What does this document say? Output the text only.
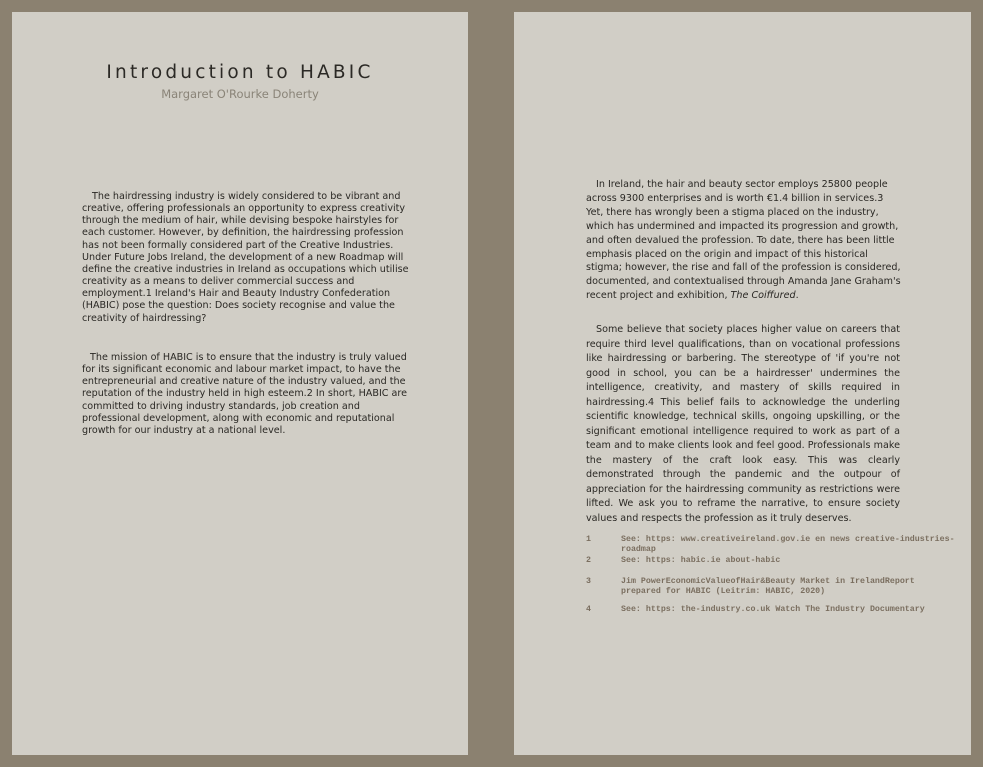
Introduction to HABIC
Margaret O'Rourke Doherty

The hairdressing industry is widely considered to be vibrant and creative, offering professionals an opportunity to express creativity through the medium of hair, while devising bespoke hairstyles for each customer. However, by definition, the hairdressing profession has not been formally considered part of the Creative Industries. Under Future Jobs Ireland, the development of a new Roadmap will define the creative industries in Ireland as occupations which utilise creativity as a means to deliver commercial success and employment.1 Ireland's Hair and Beauty Industry Confederation (HABIC) pose the question: Does society recognise and value the creativity of hairdressing?

The mission of HABIC is to ensure that the industry is truly valued for its significant economic and labour market impact, to have the entrepreneurial and creative nature of the industry valued, and the reputation of the industry held in high esteem.2 In short, HABIC are committed to driving industry standards, job creation and professional development, along with economic and reputational growth for our industry at a national level.

In Ireland, the hair and beauty sector employs 25800 people across 9300 enterprises and is worth €1.4 billion in services.3 Yet, there has wrongly been a stigma placed on the industry, which has undermined and impacted its progression and growth, and often devalued the profession. To date, there has been little emphasis placed on the origin and impact of this historical stigma; however, the rise and fall of the profession is considered, documented, and contextualised through Amanda Jane Graham's recent project and exhibition, The Coiffured.

Some believe that society places higher value on careers that require third level qualifications, than on vocational professions like hairdressing or barbering. The stereotype of 'if you're not good in school, you can be a hairdresser' undermines the intelligence, creativity, and mastery of skills required in hairdressing.4 This belief fails to acknowledge the underling scientific knowledge, technical skills, ongoing upskilling, or the significant emotional intelligence required to work as part of a team and to make clients look and feel good. Professionals make the mastery of the craft look easy. This was clearly demonstrated through the pandemic and the outpour of appreciation for the hairdressing community as restrictions were lifted. We ask you to reframe the narrative, to ensure society values and respects the profession as it truly deserves.

1	See: https: www.creativeireland.gov.ie en news creative-industries-roadmap
2	See: https: habic.ie about-habic
3	Jim PowerEconomicValueofHair&Beauty Market in IrelandReport
prepared for HABIC (Leitrim: HABIC, 2020)
4	See: https: the-industry.co.uk Watch The Industry Documentary
